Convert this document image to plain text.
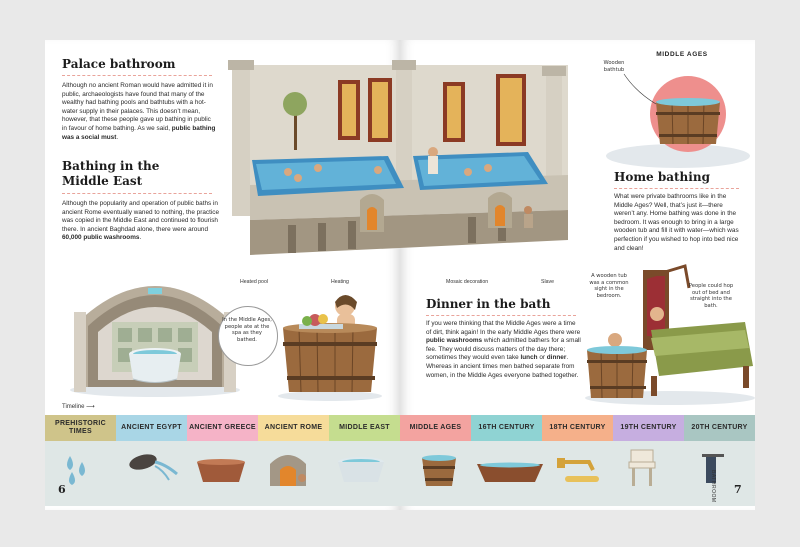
Palace bathroom

Although no ancient Roman would have admitted it in public, archaeologists have found that many of the wealthy had bathing pools and bathtubs with a hot-water supply in their palaces. This doesn’t mean, however, that these people gave up bathing in public in favour of home bathing. As we said, public bathing was a social must.

Bathing in the
Middle East

Although the popularity and operation of public baths in ancient Rome eventually waned to nothing, the practice was copied in the Middle East and continued to flourish there. In ancient Baghdad alone, there were around 60,000 public washrooms.

In the Middle Ages, people ate at the spa as they bathed.
Heated pool	Heating	Mosaic decoration	Slave
Wooden bathtub
MIDDLE AGES
Home bathing

What were private bathrooms like in the Middle Ages? Well, that’s just it—there weren’t any. Home bathing was done in the bedroom. It was enough to bring in a large wooden tub and fill it with water—which was perfection if you wished to hop into bed nice and clean!

A wooden tub was a common sight in the bedroom.
People could hop out of bed and straight into the bath.
Dinner in the bath

If you were thinking that the Middle Ages were a time of dirt, think again! In the early Middle Ages there were public washrooms which admitted bathers for a small fee. They would discuss matters of the day there; sometimes they would even take lunch or dinner. Whereas in ancient times men bathed separate from women, in the Middle Ages everyone bathed together.

Timeline ⟶
PREHISTORIC TIMES
ANCIENT EGYPT	ANCIENT GREECE	ANCIENT ROME	MIDDLE EAST	MIDDLE AGES	16TH CENTURY	18TH CENTURY	19TH CENTURY	20TH CENTURY
BATHROOM
6	7
